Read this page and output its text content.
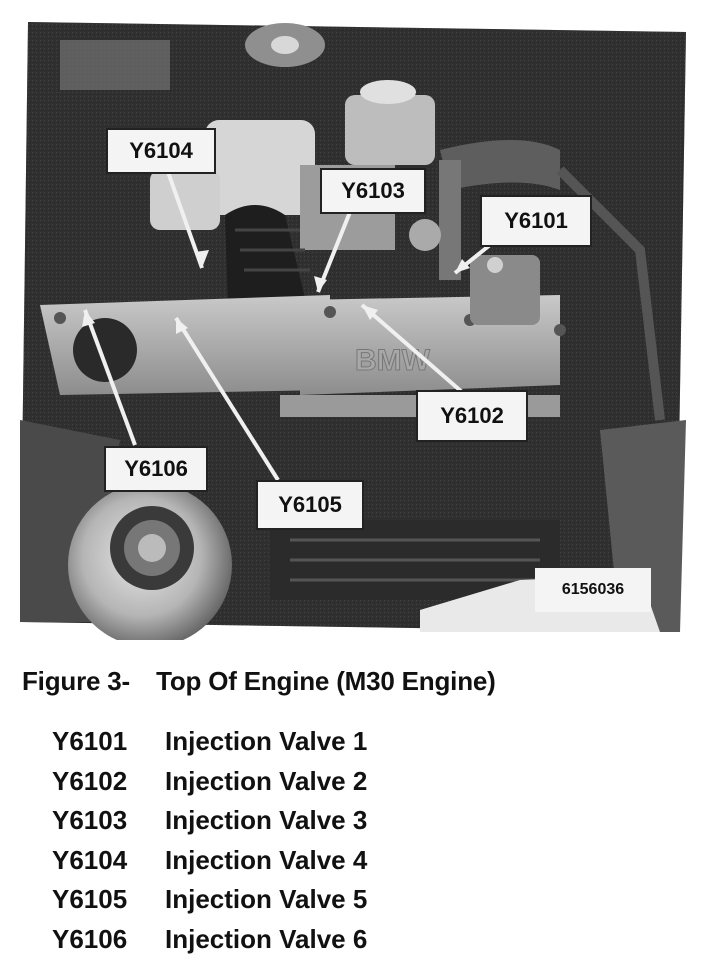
BMW
Y6104
Y6103
Y6101
Y6102
Y6106
Y6105
6156036
Figure 3- Top Of Engine (M30 Engine)
Y6101	Injection Valve 1
Y6102	Injection Valve 2
Y6103	Injection Valve 3
Y6104	Injection Valve 4
Y6105	Injection Valve 5
Y6106	Injection Valve 6
